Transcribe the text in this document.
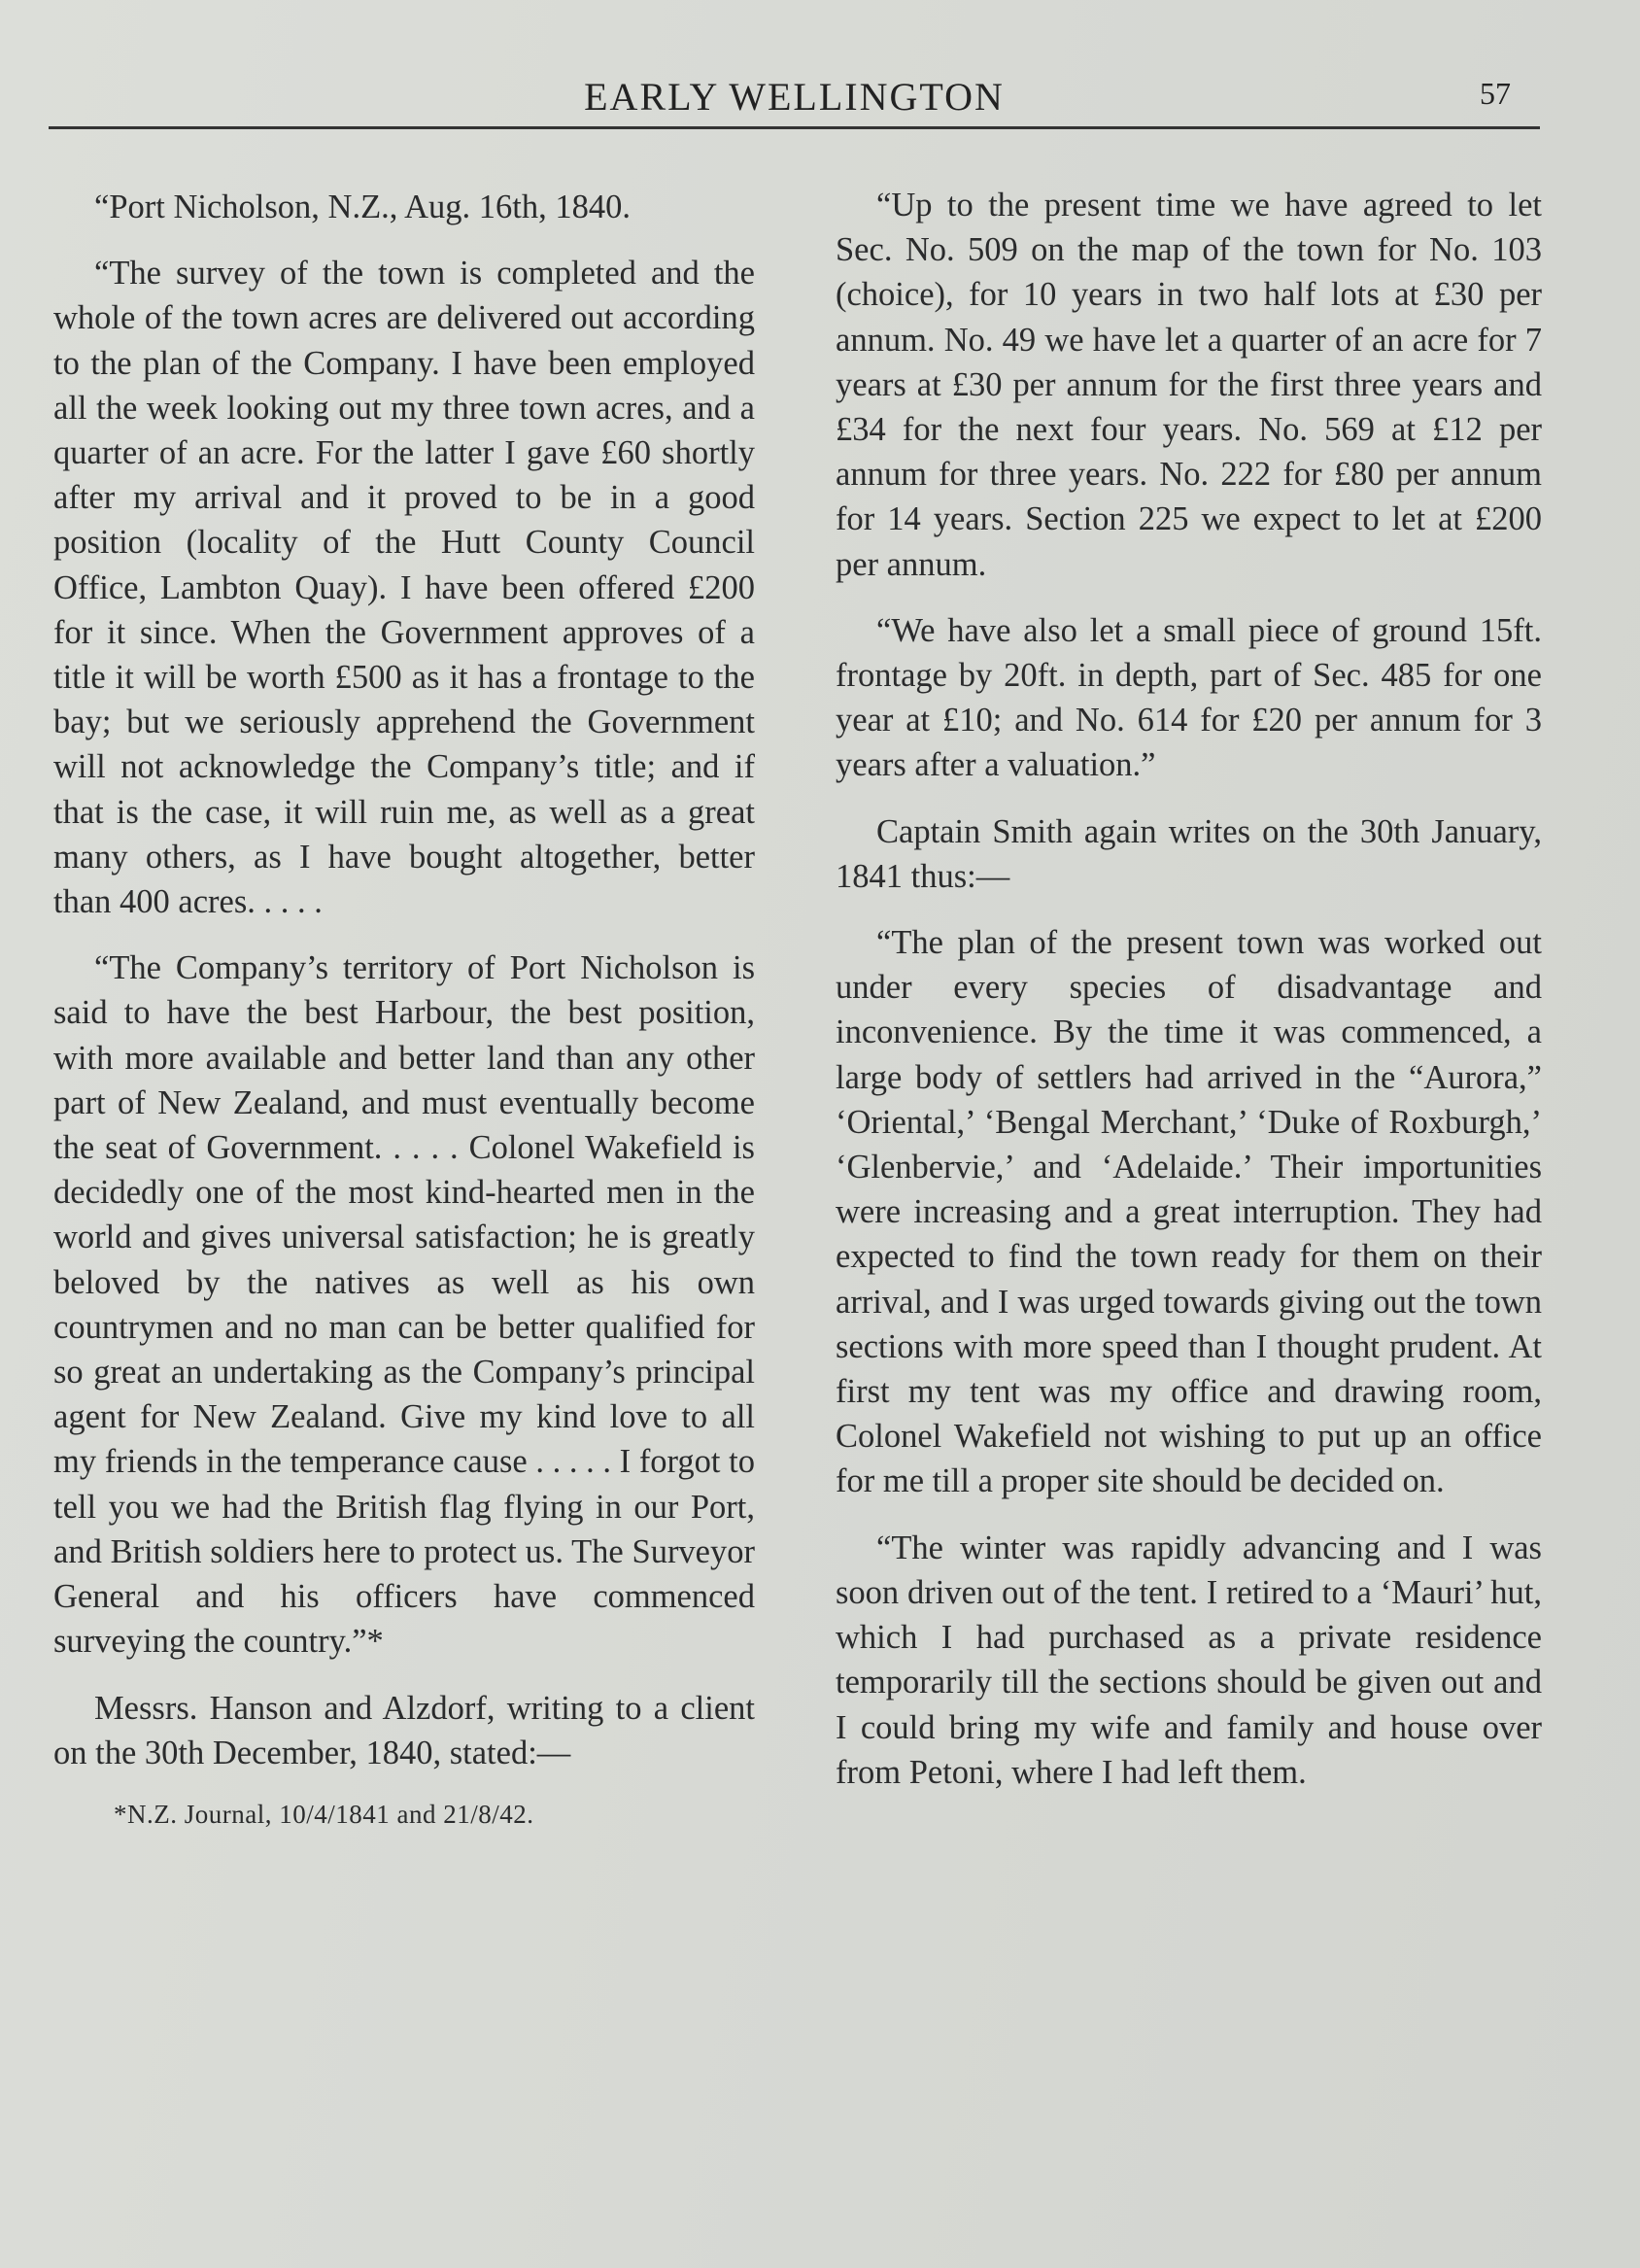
EARLY WELLINGTON	57

“Port Nicholson, N.Z., Aug. 16th, 1840.

“The survey of the town is completed and the whole of the town acres are delivered out according to the plan of the Company. I have been employed all the week looking out my three town acres, and a quarter of an acre. For the latter I gave £60 shortly after my arrival and it proved to be in a good position (locality of the Hutt County Council Office, Lambton Quay). I have been offered £200 for it since. When the Government approves of a title it will be worth £500 as it has a frontage to the bay; but we seriously apprehend the Government will not acknowledge the Company’s title; and if that is the case, it will ruin me, as well as a great many others, as I have bought altogether, better than 400 acres. . . . .

“The Company’s territory of Port Nicholson is said to have the best Harbour, the best position, with more available and better land than any other part of New Zealand, and must eventually become the seat of Government. . . . . Colonel Wakefield is decidedly one of the most kind-hearted men in the world and gives universal satisfaction; he is greatly beloved by the natives as well as his own countrymen and no man can be better qualified for so great an undertaking as the Company’s principal agent for New Zealand. Give my kind love to all my friends in the temperance cause . . . . . I forgot to tell you we had the British flag flying in our Port, and British soldiers here to protect us. The Surveyor General and his officers have commenced surveying the country.”*

Messrs. Hanson and Alzdorf, writing to a client on the 30th December, 1840, stated:—

*N.Z. Journal, 10/4/1841 and 21/8/42.

“Up to the present time we have agreed to let Sec. No. 509 on the map of the town for No. 103 (choice), for 10 years in two half lots at £30 per annum. No. 49 we have let a quarter of an acre for 7 years at £30 per annum for the first three years and £34 for the next four years. No. 569 at £12 per annum for three years. No. 222 for £80 per annum for 14 years. Section 225 we expect to let at £200 per annum.

“We have also let a small piece of ground 15ft. frontage by 20ft. in depth, part of Sec. 485 for one year at £10; and No. 614 for £20 per annum for 3 years after a valuation.”

Captain Smith again writes on the 30th January, 1841 thus:—

“The plan of the present town was worked out under every species of disadvantage and inconvenience. By the time it was commenced, a large body of settlers had arrived in the “Aurora,” ‘Oriental,’ ‘Bengal Merchant,’ ‘Duke of Roxburgh,’ ‘Glenbervie,’ and ‘Adelaide.’ Their importunities were increasing and a great interruption. They had expected to find the town ready for them on their arrival, and I was urged towards giving out the town sections with more speed than I thought prudent. At first my tent was my office and drawing room, Colonel Wakefield not wishing to put up an office for me till a proper site should be decided on.

“The winter was rapidly advancing and I was soon driven out of the tent. I retired to a ‘Mauri’ hut, which I had purchased as a private residence temporarily till the sections should be given out and I could bring my wife and family and house over from Petoni, where I had left them.
